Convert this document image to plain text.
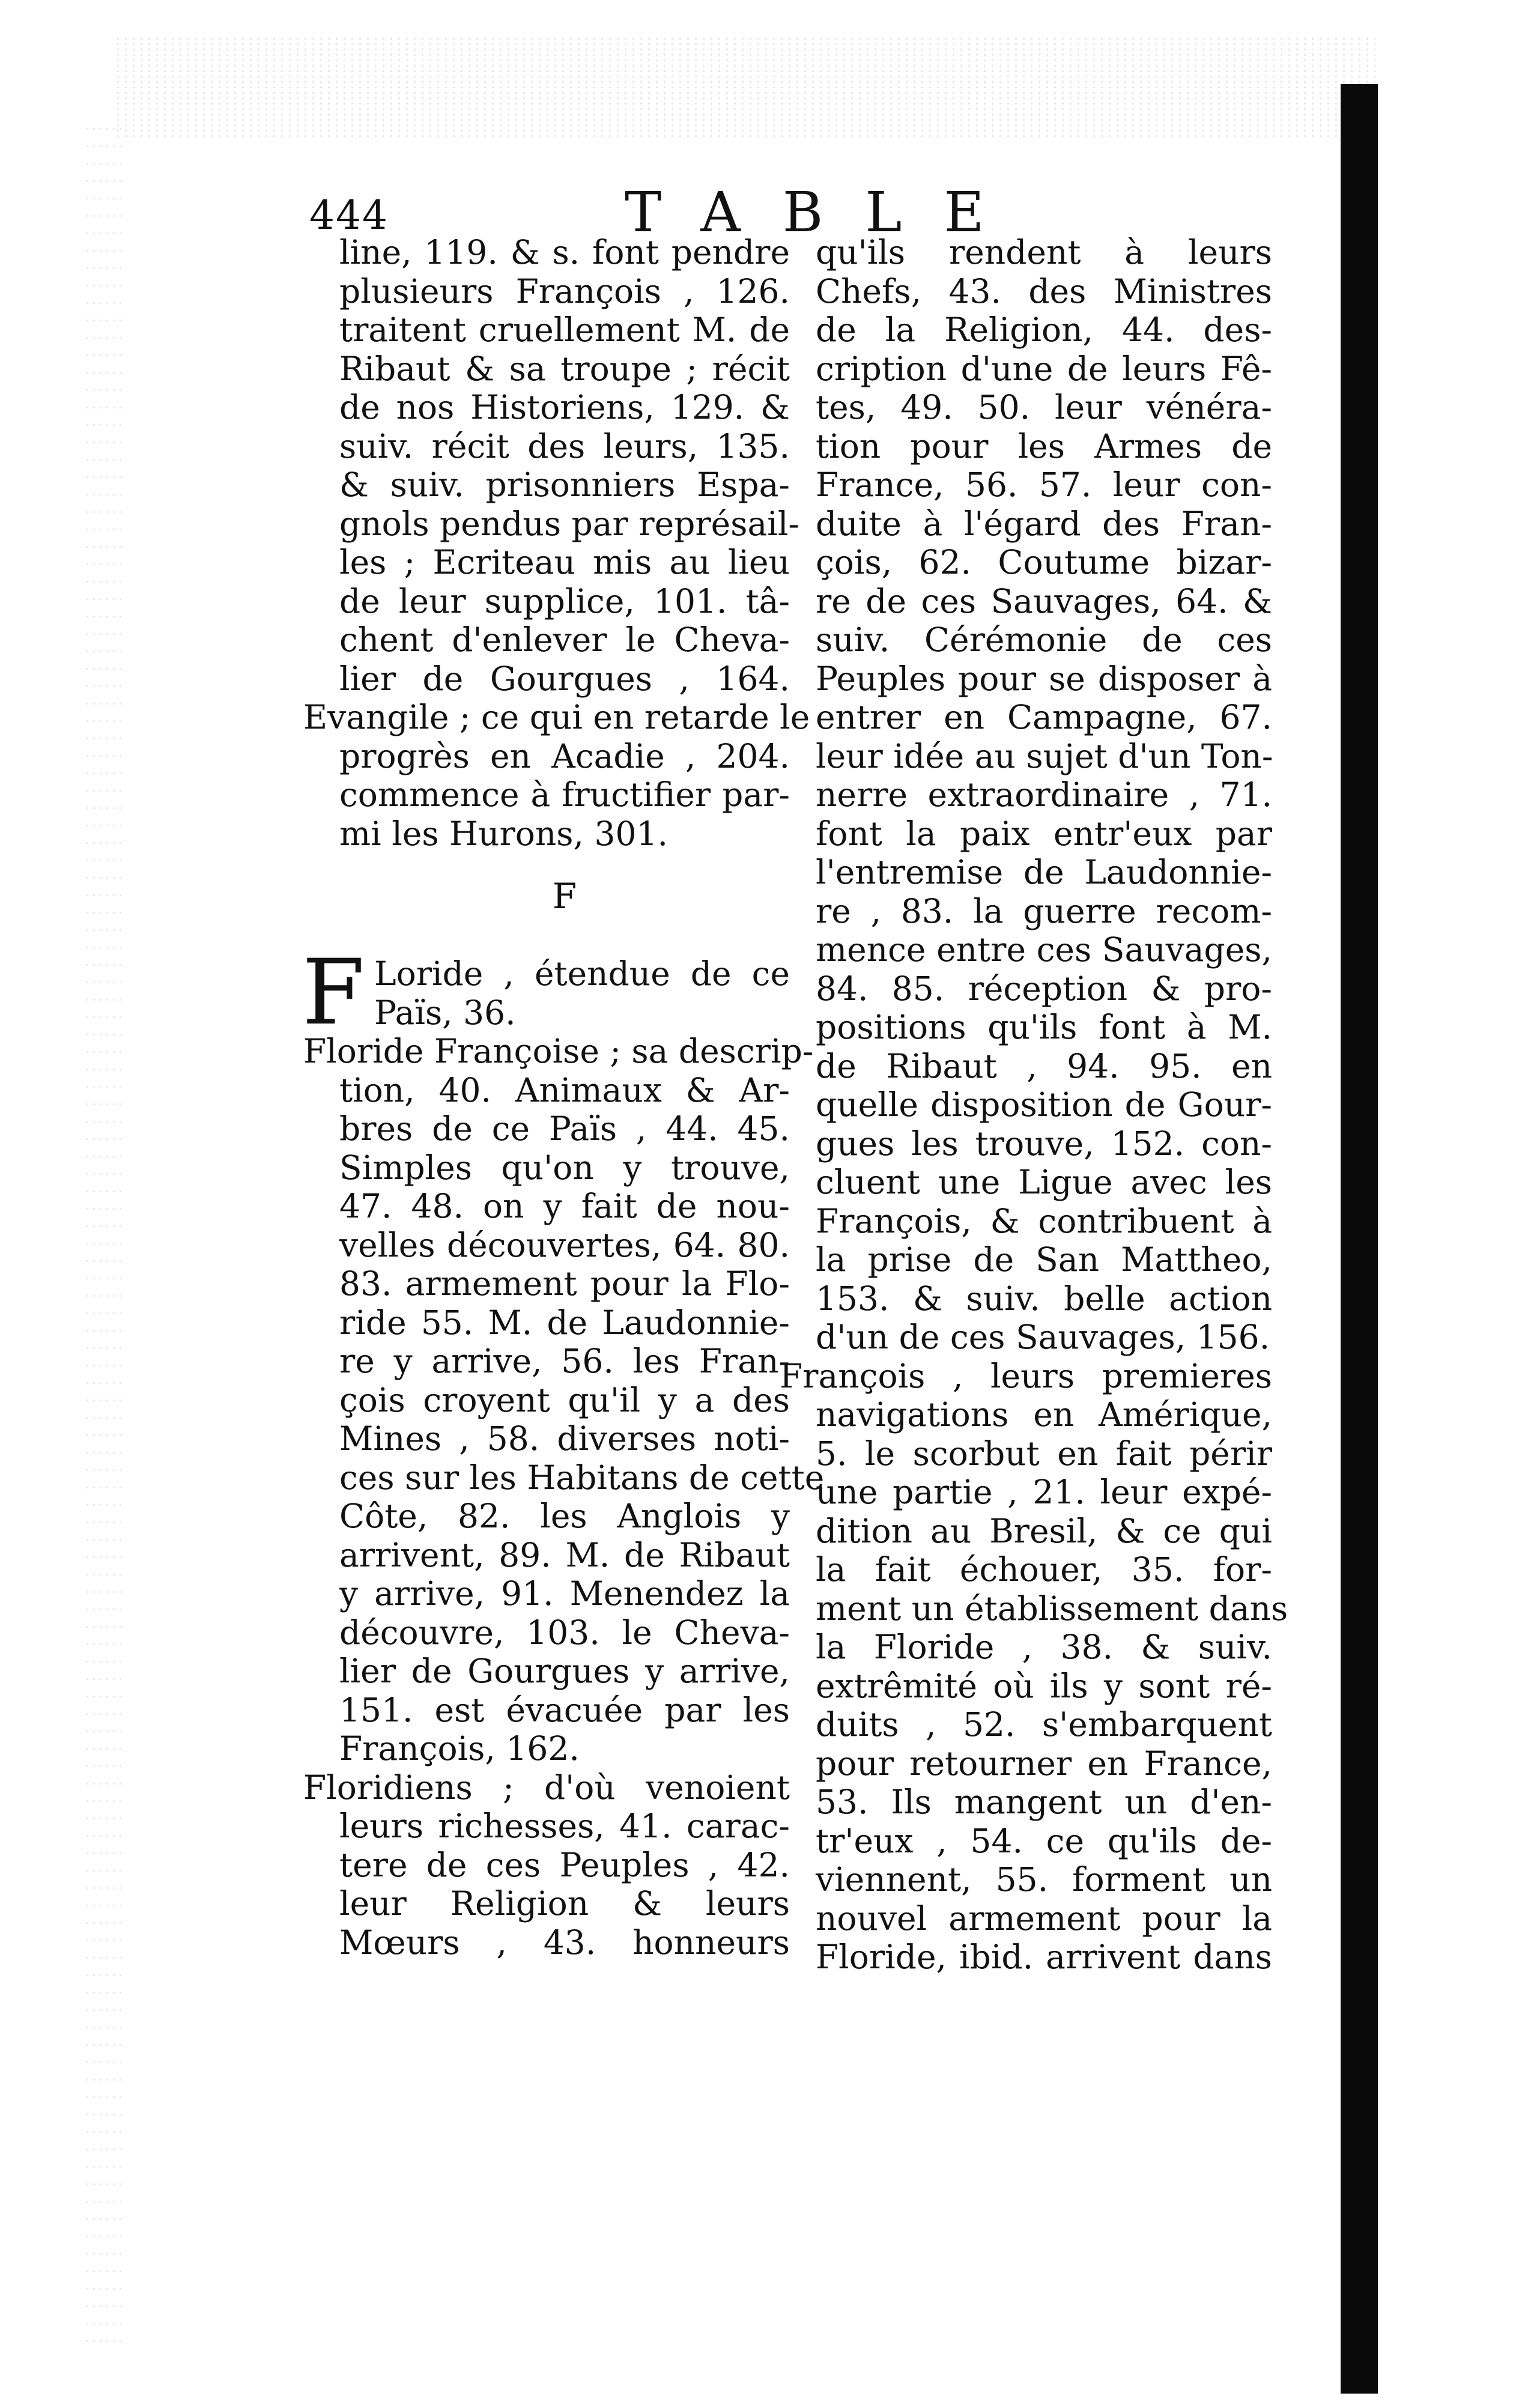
444	TABLE
line, 119. & s. font pendre
plusieurs François , 126.
traitent cruellement M. de
Ribaut & sa troupe ; récit
de nos Historiens, 129. &
suiv. récit des leurs, 135.
& suiv. prisonniers Espa-
gnols pendus par représail-
les ; Ecriteau mis au lieu
de leur supplice, 101. tâ-
chent d'enlever le Cheva-
lier de Gourgues , 164.
Evangile ; ce qui en retarde le
progrès en Acadie , 204.
commence à fructifier par-
mi les Hurons, 301.
F
F Loride , étendue de ce
Païs, 36.
Floride Françoise ; sa descrip-
tion, 40. Animaux & Ar-
bres de ce Païs , 44. 45.
Simples qu'on y trouve,
47. 48. on y fait de nou-
velles découvertes, 64. 80.
83. armement pour la Flo-
ride 55. M. de Laudonnie-
re y arrive, 56. les Fran-
çois croyent qu'il y a des
Mines , 58. diverses noti-
ces sur les Habitans de cette
Côte, 82. les Anglois y
arrivent, 89. M. de Ribaut
y arrive, 91. Menendez la
découvre, 103. le Cheva-
lier de Gourgues y arrive,
151. est évacuée par les
François, 162.
Floridiens ; d'où venoient
leurs richesses, 41. carac-
tere de ces Peuples , 42.
leur Religion & leurs
Mœurs , 43. honneurs
qu'ils rendent à leurs
Chefs, 43. des Ministres
de la Religion, 44. des-
cription d'une de leurs Fê-
tes, 49. 50. leur vénéra-
tion pour les Armes de
France, 56. 57. leur con-
duite à l'égard des Fran-
çois, 62. Coutume bizar-
re de ces Sauvages, 64. &
suiv. Cérémonie de ces
Peuples pour se disposer à
entrer en Campagne, 67.
leur idée au sujet d'un Ton-
nerre extraordinaire , 71.
font la paix entr'eux par
l'entremise de Laudonnie-
re , 83. la guerre recom-
mence entre ces Sauvages,
84. 85. réception & pro-
positions qu'ils font à M.
de Ribaut , 94. 95. en
quelle disposition de Gour-
gues les trouve, 152. con-
cluent une Ligue avec les
François, & contribuent à
la prise de San Mattheo,
153. & suiv. belle action
d'un de ces Sauvages, 156.
François , leurs premieres
navigations en Amérique,
5. le scorbut en fait périr
une partie , 21. leur expé-
dition au Bresil, & ce qui
la fait échouer, 35. for-
ment un établissement dans
la Floride , 38. & suiv.
extrêmité où ils y sont ré-
duits , 52. s'embarquent
pour retourner en France,
53. Ils mangent un d'en-
tr'eux , 54. ce qu'ils de-
viennent, 55. forment un
nouvel armement pour la
Floride, ibid. arrivent dans
